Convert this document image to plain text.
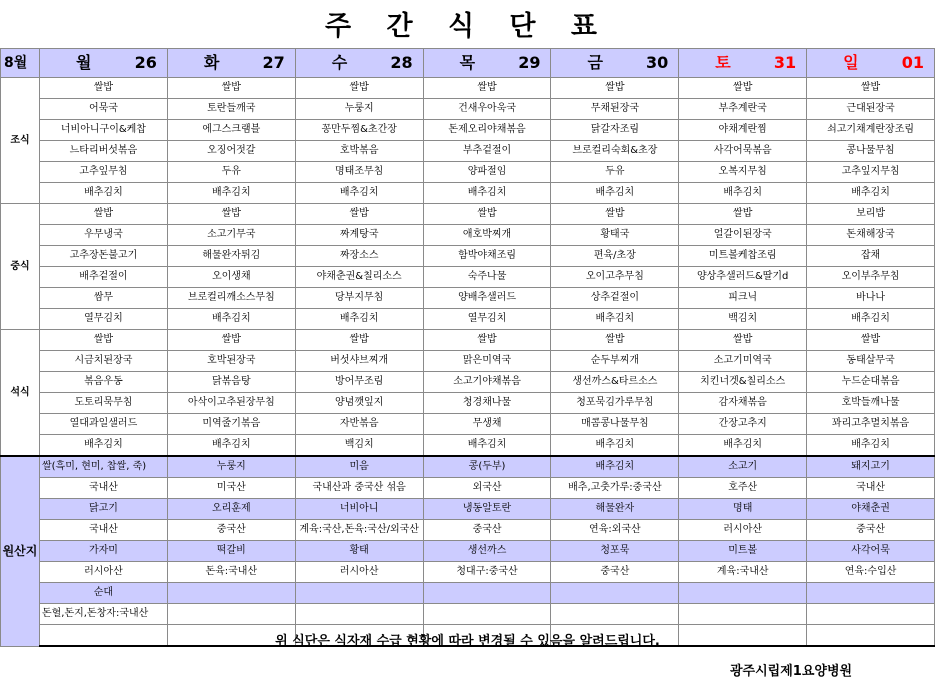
주 간 식 단 표
8월	월 26	화 27	수 28	목 29	금 30	토 31	일 01

조식	쌀밥	쌀밥	쌀밥	쌀밥	쌀밥	쌀밥	쌀밥
	어묵국	토란들깨국	누룽지	건새우아욱국	무채된장국	부추계란국	근대된장국
	너비아니구이&케찹	에그스크램블	꽁만두찜&초간장	돈제오리야채볶음	닭갈자조림	야채계란찜	쇠고기채계란장조림
	느타리버섯볶음	오징어젓갈	호박볶음	부추겉절이	브로컬리숙회&초장	사각어묵볶음	콩나물무침
	고추잎무침	두유	명태조무침	양파절임	두유	오복지무침	고추잎지무침
	배추김치	배추김치	배추김치	배추김치	배추김치	배추김치	배추김치
중식	쌀밥	쌀밥	쌀밥	쌀밥	쌀밥	쌀밥	보리밥
	우무냉국	소고기무국	짜계탕국	애호박찌개	황태국	얼갈이된장국	돈채해장국
	고추장돈불고기	해물완자튀김	짜장소스	함박야채조림	편육/초장	미트볼케찹조림	잡채
	배추겉절이	오이생채	야채춘권&칠리소스	숙주나물	오이고추무침	양상추샐러드&딸기d	오이부추무침
	쌈무	브로컬리깨소스무침	당부지무침	양배추샐러드	상추겉절이	피크닉	바나나
	열무김치	배추김치	배추김치	열무김치	배추김치	백김치	배추김치
석식	쌀밥	쌀밥	쌀밥	쌀밥	쌀밥	쌀밥	쌀밥
	시금치된장국	호박된장국	버섯샤브찌개	맑은미역국	순두부찌개	소고기미역국	동태살무국
	볶음우동	닭볶음탕	방어무조림	소고기야채볶음	생선까스&타르소스	치킨너겟&칠리소스	누드순대볶음
	도토리묵무침	아삭이고추된장무침	양념깻잎지	청경채나물	청포묵김가루무침	감자채볶음	호박들깨나물
	열대과일샐러드	미역줄기볶음	자반볶음	무생채	매콤콩나물무침	간장고추지	꽈리고추멸치볶음
	배추김치	배추김치	백김치	배추김치	배추김치	배추김치	배추김치
원산지	쌀(흑미, 현미, 찹쌀, 죽)	누룽지	미음	콩(두부)	배추김치	소고기	돼지고기
	국내산	미국산	국내산과 중국산 섞음	외국산	배추,고춧가루:중국산	호주산	국내산
	닭고기	오리훈제	너비아니	냉동알토란	해물완자	명태	야채춘권
	국내산	중국산	계육:국산,돈육:국산/외국산	중국산	연육:외국산	러시아산	중국산
	가자미	떡갈비	황태	생선까스	청포묵	미트볼	사각어묵
	러시아산	돈육:국내산	러시아산	청대구:중국산	중국산	계육:국내산	연육:수입산
	순대						
	돈혈,돈지,돈창자:국내산						

위 식단은 식자재 수급 현황에 따라 변경될 수 있음을 알려드립니다.
광주시립제1요양병원
